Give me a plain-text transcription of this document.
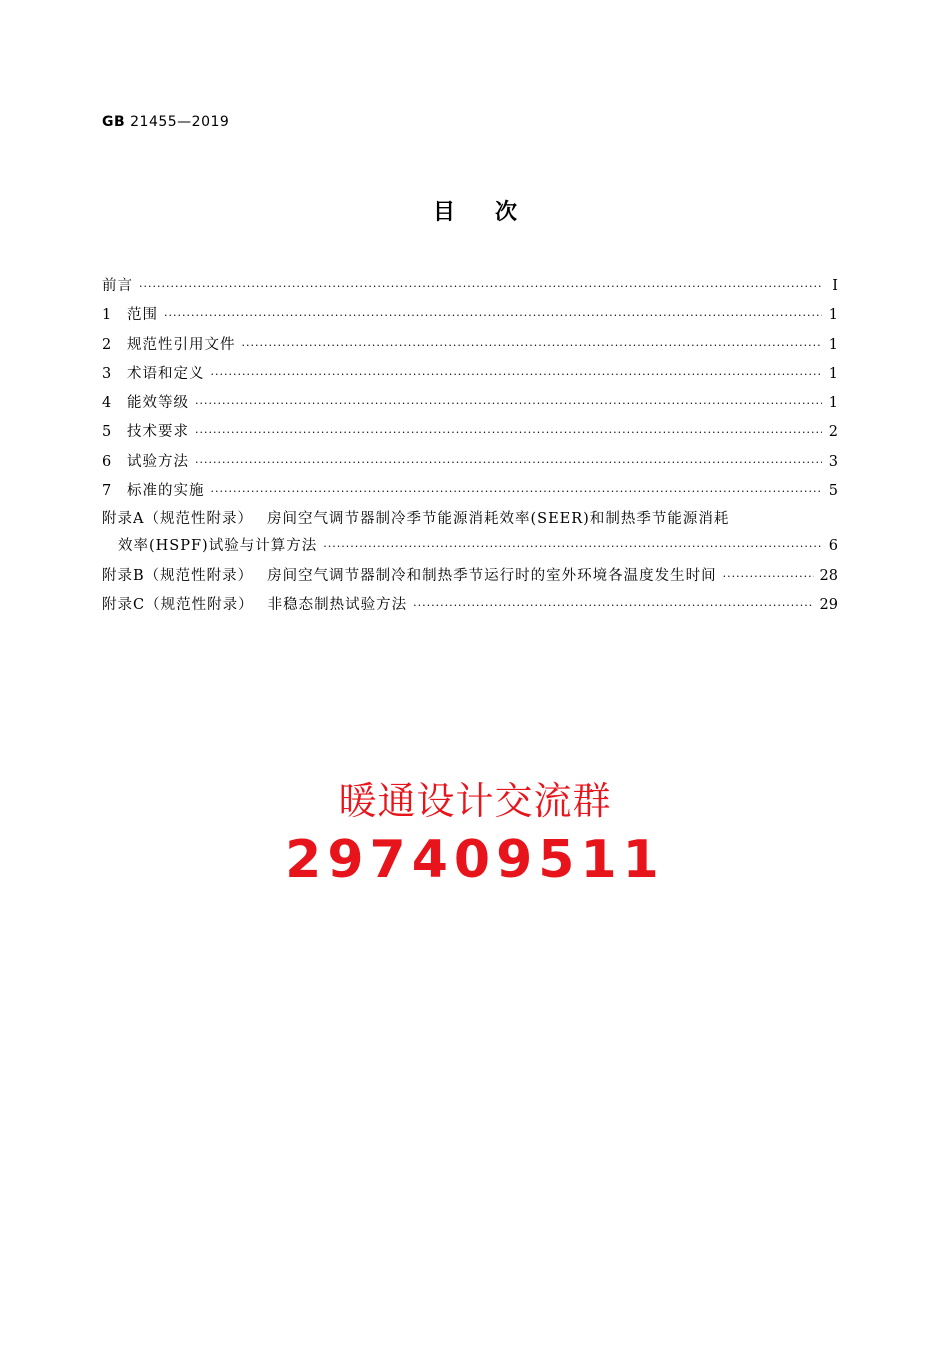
GB 21455—2019
目次
前言 ·····	Ⅰ
1	范围 ·····	1
2	规范性引用文件 ·····	1
3	术语和定义 ·····	1
4	能效等级 ·····	1
5	技术要求 ·····	2
6	试验方法 ·····	3
7	标准的实施 ·····	5
附录A（规范性附录） 房间空气调节器制冷季节能源消耗效率(SEER)和制热季节能源消耗
效率(HSPF)试验与计算方法 ·····	6
附录B（规范性附录） 房间空气调节器制冷和制热季节运行时的室外环境各温度发生时间 ·····	28
附录C（规范性附录） 非稳态制热试验方法 ·····	29
暖通设计交流群
297409511
